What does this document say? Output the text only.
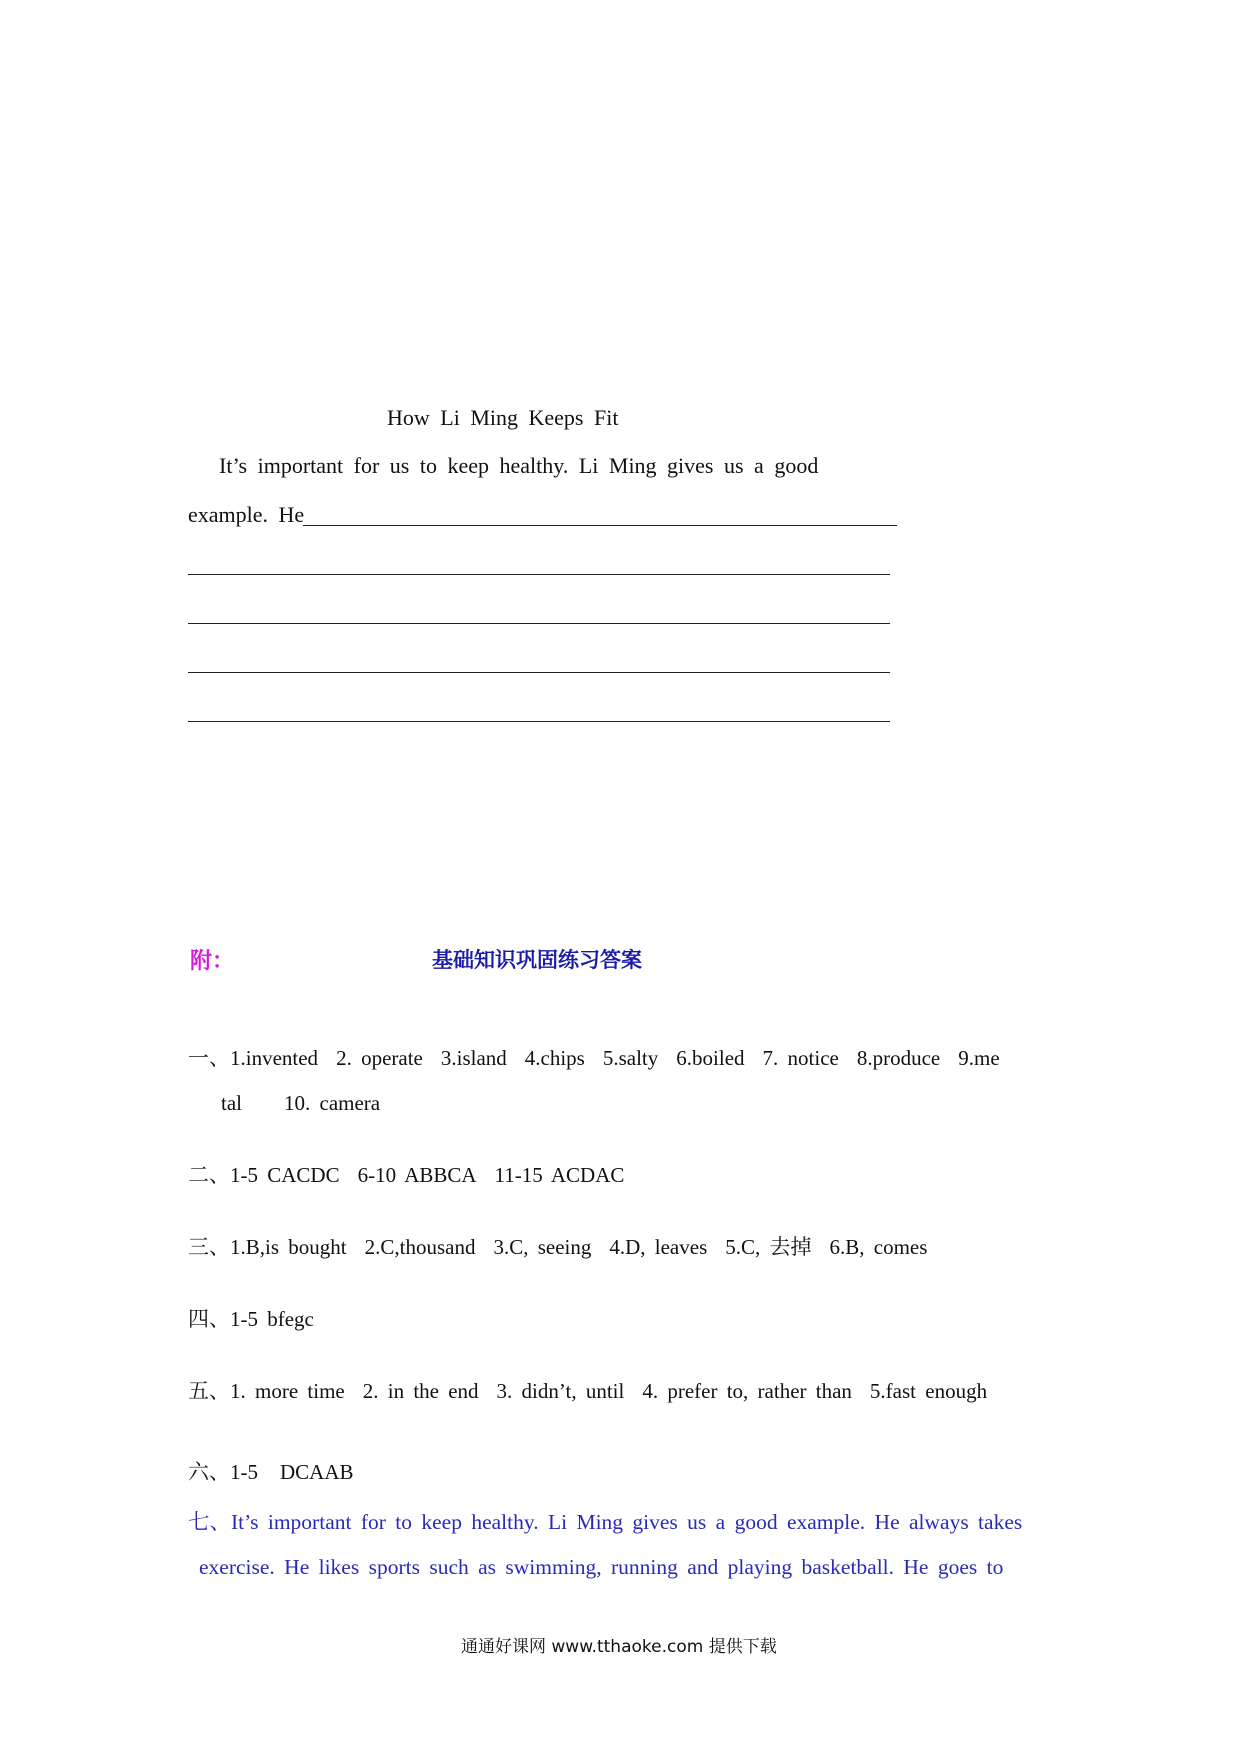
How Li Ming Keeps Fit
It’s important for us to keep healthy. Li Ming gives us a good
example. He
附：	基础知识巩固练习答案
一、1.invented 2. operate 3.island 4.chips 5.salty 6.boiled 7. notice 8.produce 9.me
tal 10. camera
二、1-5 CACDC 6-10 ABBCA 11-15 ACDAC
三、1.B,is bought 2.C,thousand 3.C, seeing 4.D, leaves 5.C, 去掉 6.B, comes
四、1-5 bfegc
五、1. more time 2. in the end 3. didn’t, until 4. prefer to, rather than 5.fast enough
六、1-5 DCAAB
七、It’s important for to keep healthy. Li Ming gives us a good example. He always takes
exercise. He likes sports such as swimming, running and playing basketball. He goes to
通通好课网 www.tthaoke.com 提供下载
